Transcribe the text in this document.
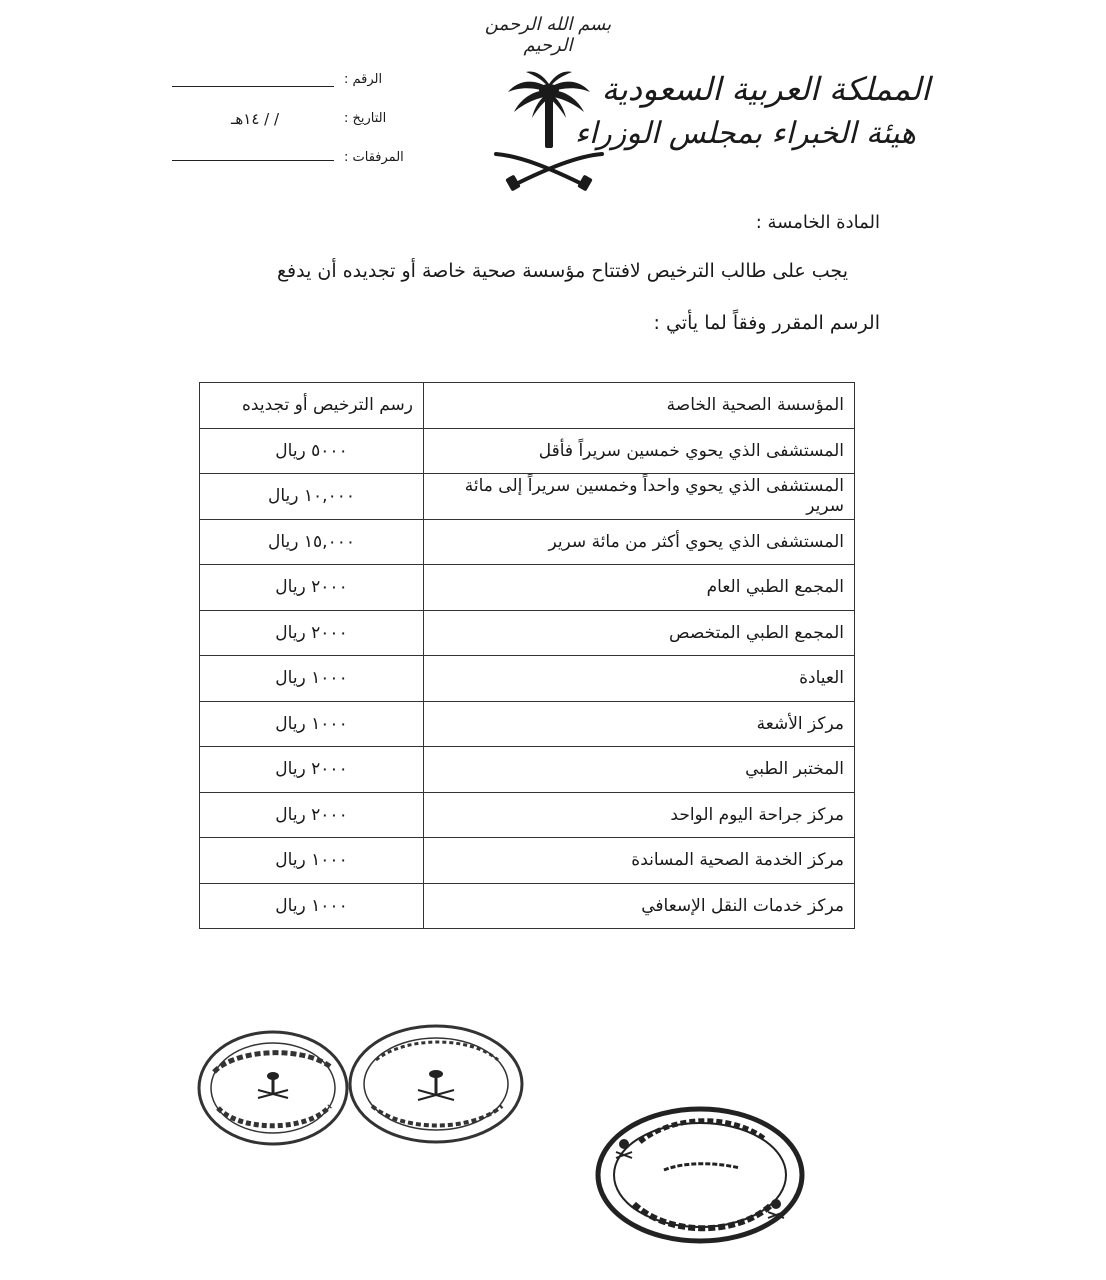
بسم الله الرحمن الرحيم
المملكة العربية السعودية
هيئة الخبراء بمجلس الوزراء
الرقم :
التاريخ :
/ / ١٤هـ
المرفقات :
المادة الخامسة :
يجب على طالب الترخيص لافتتاح مؤسسة صحية خاصة أو تجديده أن يدفع
الرسم المقرر وفقاً لما يأتي :
المؤسسة الصحية الخاصة	رسم الترخيص أو تجديده
المستشفى الذي يحوي خمسين سريراً فأقل	٥٠٠٠ ريال
المستشفى الذي يحوي واحداً وخمسين سريراً إلى مائة سرير	١٠,٠٠٠ ريال
المستشفى الذي يحوي أكثر من مائة سرير	١٥,٠٠٠ ريال
المجمع الطبي العام	٢٠٠٠ ريال
المجمع الطبي المتخصص	٢٠٠٠ ريال
العيادة	١٠٠٠ ريال
مركز الأشعة	١٠٠٠ ريال
المختبر الطبي	٢٠٠٠ ريال
مركز جراحة اليوم الواحد	٢٠٠٠ ريال
مركز الخدمة الصحية المساندة	١٠٠٠ ريال
مركز خدمات النقل الإسعافي	١٠٠٠ ريال
